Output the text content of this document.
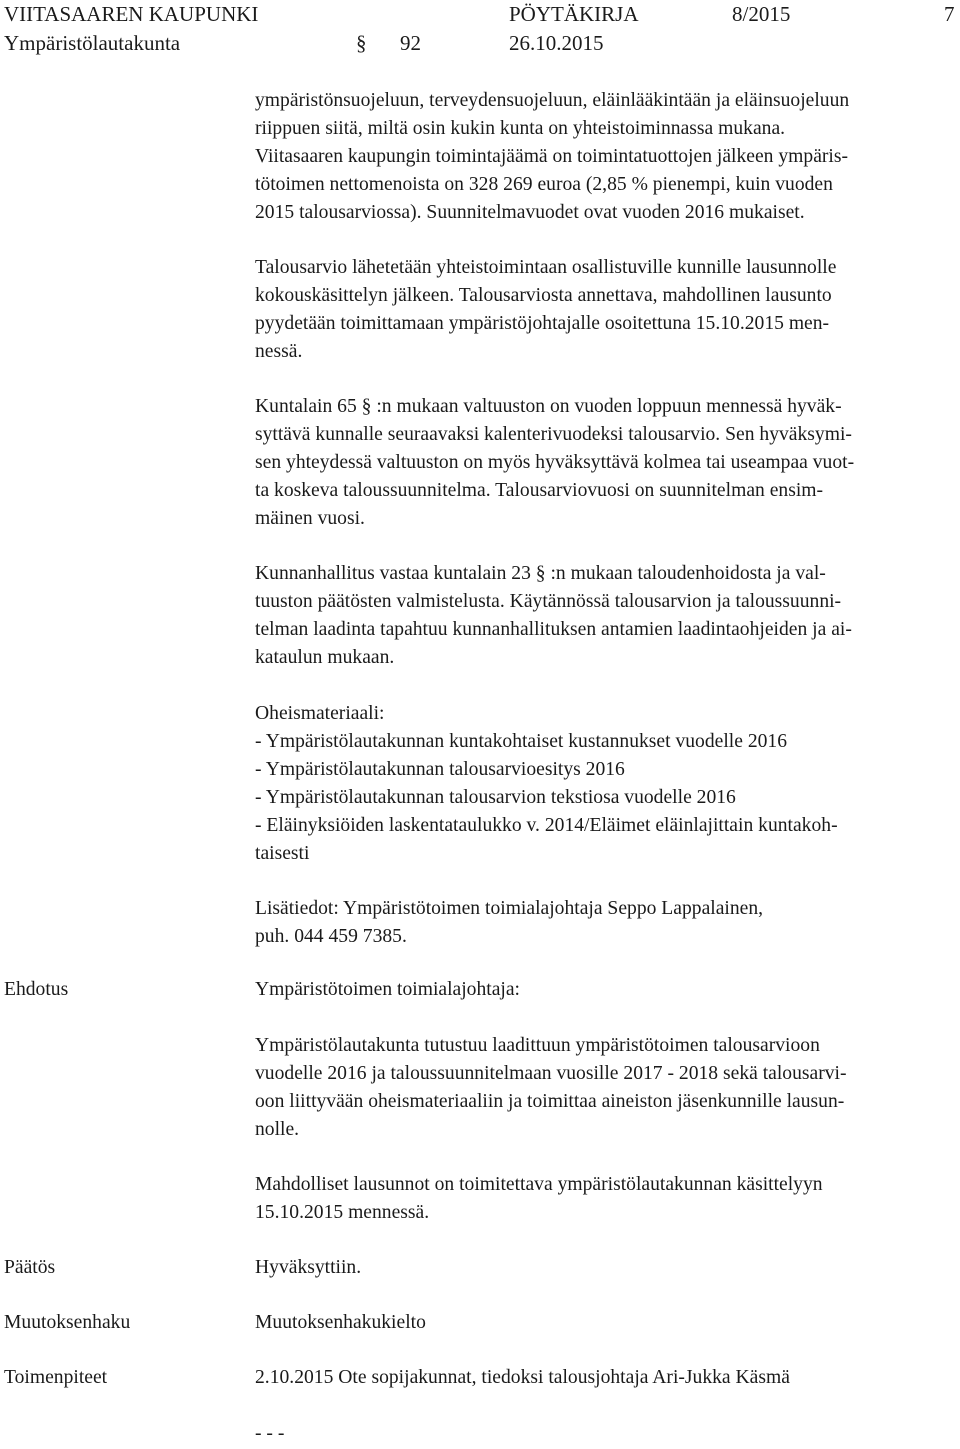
VIITASAAREN KAUPUNKI	PÖYTÄKIRJA	8/2015	7
Ympäristölautakunta	§ 92	26.10.2015
ympäristönsuojeluun, terveydensuojeluun, eläinlääkintään ja eläinsuojeluun
riippuen siitä, miltä osin kukin kunta on yhteistoiminnassa mukana.
Viitasaaren kaupungin toimintajäämä on toimintatuottojen jälkeen ympäris-
tötoimen nettomenoista on 328 269 euroa (2,85 % pienempi, kuin vuoden
2015 talousarviossa). Suunnitelmavuodet ovat vuoden 2016 mukaiset.
Talousarvio lähetetään yhteistoimintaan osallistuville kunnille lausunnolle
kokouskäsittelyn jälkeen. Talousarviosta annettava, mahdollinen lausunto
pyydetään toimittamaan ympäristöjohtajalle osoitettuna 15.10.2015 men-
nessä.
Kuntalain 65 § :n mukaan valtuuston on vuoden loppuun mennessä hyväk-
syttävä kunnalle seuraavaksi kalenterivuodeksi talousarvio. Sen hyväksymi-
sen yhteydessä valtuuston on myös hyväksyttävä kolmea tai useampaa vuot-
ta koskeva taloussuunnitelma. Talousarviovuosi on suunnitelman ensim-
mäinen vuosi.
Kunnanhallitus vastaa kuntalain 23 § :n mukaan taloudenhoidosta ja val-
tuuston päätösten valmistelusta. Käytännössä talousarvion ja taloussuunni-
telman laadinta tapahtuu kunnanhallituksen antamien laadintaohjeiden ja ai-
kataulun mukaan.
Oheismateriaali:
- Ympäristölautakunnan kuntakohtaiset kustannukset vuodelle 2016
- Ympäristölautakunnan talousarvioesitys 2016
- Ympäristölautakunnan talousarvion tekstiosa vuodelle 2016
- Eläinyksiöiden laskentataulukko v. 2014/Eläimet eläinlajittain kuntakoh-
taisesti
Lisätiedot: Ympäristötoimen toimialajohtaja Seppo Lappalainen,
puh. 044 459 7385.
Ehdotus	Ympäristötoimen toimialajohtaja:
Ympäristölautakunta tutustuu laadittuun ympäristötoimen talousarvioon
vuodelle 2016 ja taloussuunnitelmaan vuosille 2017 - 2018 sekä talousarvi-
oon liittyvään oheismateriaaliin ja toimittaa aineiston jäsenkunnille lausun-
nolle.
Mahdolliset lausunnot on toimitettava ympäristölautakunnan käsittelyyn
15.10.2015 mennessä.
Päätös	Hyväksyttiin.
Muutoksenhaku	Muutoksenhakukielto
Toimenpiteet	2.10.2015 Ote sopijakunnat, tiedoksi talousjohtaja Ari-Jukka Käsmä
- - -
